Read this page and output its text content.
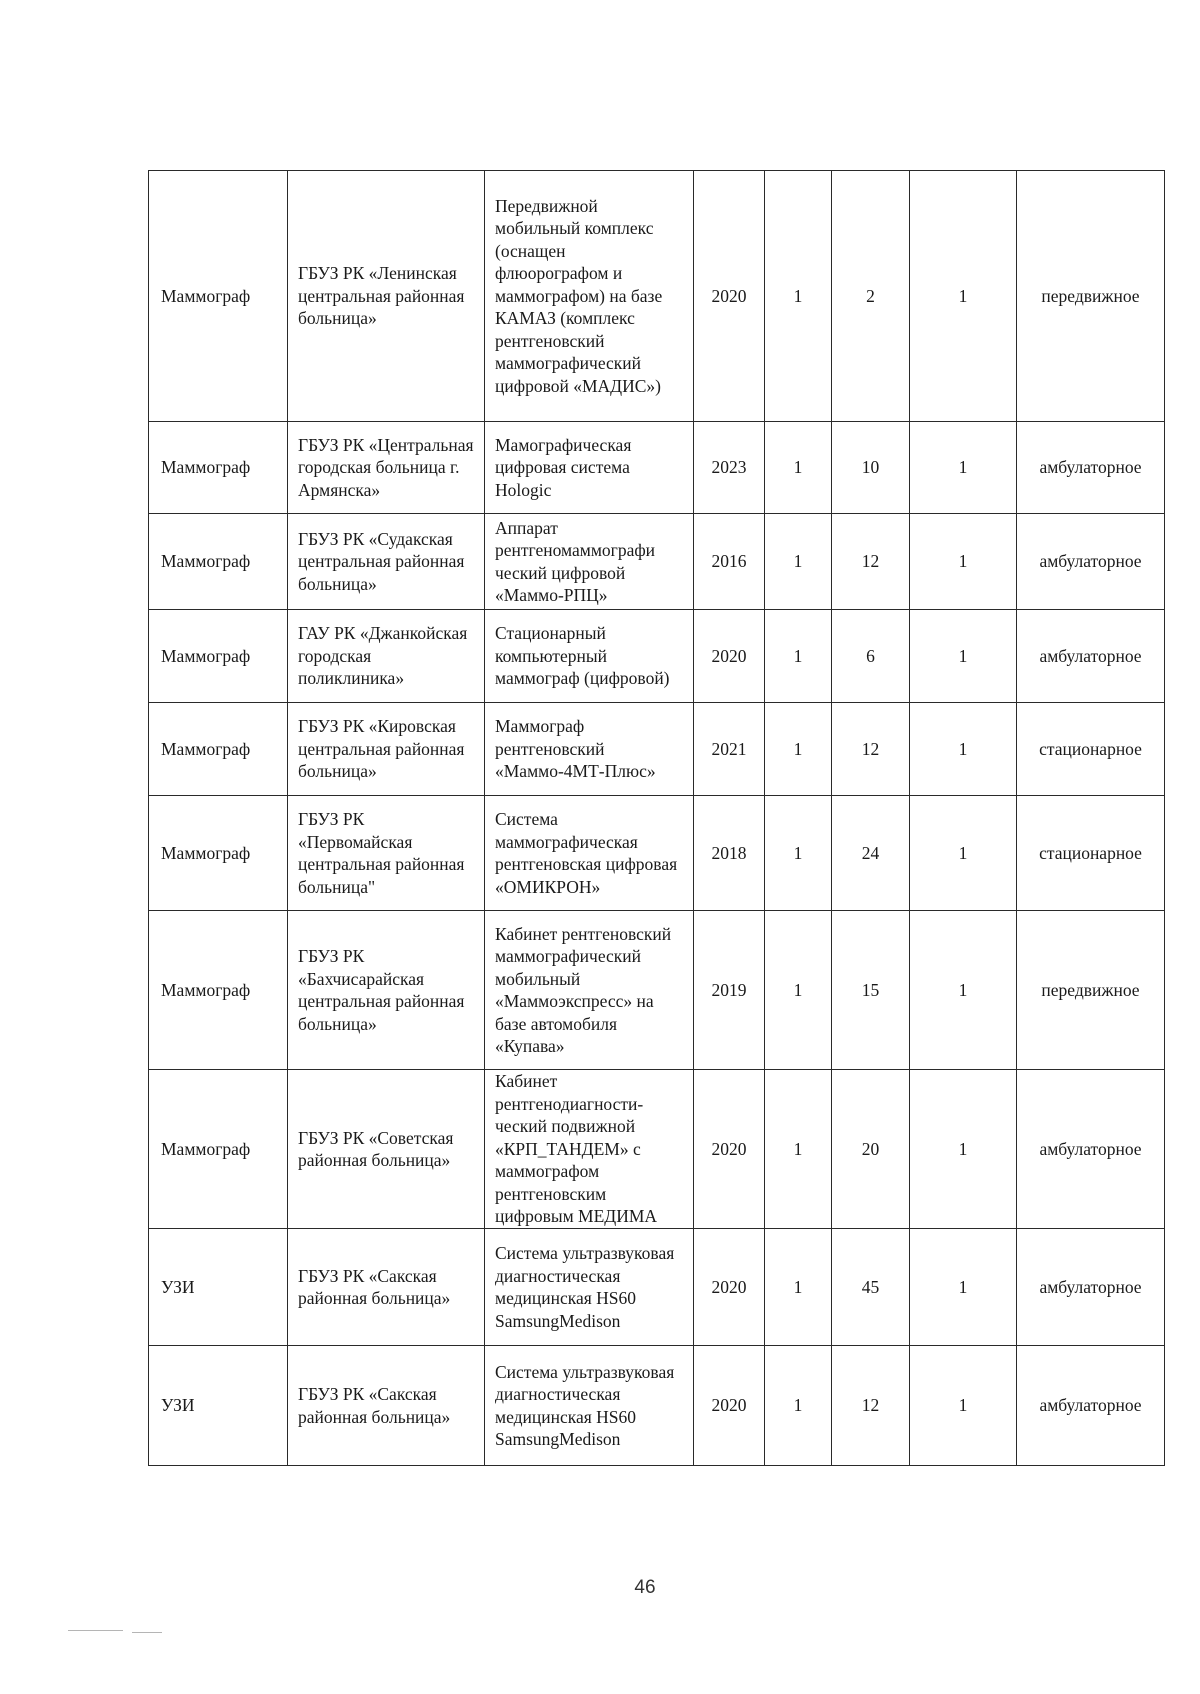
Маммограф	ГБУЗ РК «Ленинская центральная районная больница»	Передвижной мобильный комплекс (оснащен флюорографом и маммографом) на базе КАМАЗ (комплекс рентгеновский маммографический цифровой «МАДИС»)	2020	1	2	1	передвижное
Маммограф	ГБУЗ РК «Центральная городская больница г. Армянска»	Мамографическая цифровая система Hologic	2023	1	10	1	амбулаторное
Маммограф	ГБУЗ РК «Судакская центральная районная больница»	Аппарат рентгеномаммографи ческий цифровой «Маммо-РПЦ»	2016	1	12	1	амбулаторное
Маммограф	ГАУ РК «Джанкойская городская поликлиника»	Стационарный компьютерный маммограф (цифровой)	2020	1	6	1	амбулаторное
Маммограф	ГБУЗ РК «Кировская центральная районная больница»	Маммограф рентгеновский «Маммо-4МТ-Плюс»	2021	1	12	1	стационарное
Маммограф	ГБУЗ РК «Первомайская центральная районная больница"	Система маммографическая рентгеновская цифровая «ОМИКРОН»	2018	1	24	1	стационарное
Маммограф	ГБУЗ РК «Бахчисарайская центральная районная больница»	Кабинет рентгеновский маммографический мобильный «Маммоэкспресс» на базе автомобиля «Купава»	2019	1	15	1	передвижное
Маммограф	ГБУЗ РК «Советская районная больница»	Кабинет рентгенодиагности-ческий подвижной «КРП_ТАНДЕМ» с маммографом рентгеновским цифровым МЕДИМА	2020	1	20	1	амбулаторное
УЗИ	ГБУЗ РК «Сакская районная больница»	Система ультразвуковая диагностическая медицинская HS60 SamsungMedison	2020	1	45	1	амбулаторное
УЗИ	ГБУЗ РК «Сакская районная больница»	Система ультразвуковая диагностическая медицинская HS60 SamsungMedison	2020	1	12	1	амбулаторное
46
